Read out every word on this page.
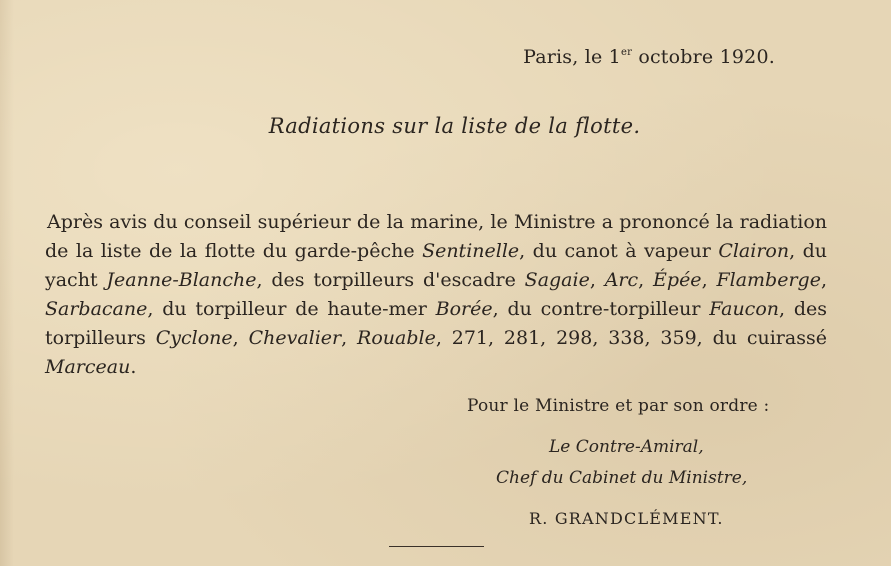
Paris, le 1er octobre 1920.
Radiations sur la liste de la flotte.

Après avis du conseil supérieur de la marine, le Ministre a prononcé la radiation de la liste de la flotte du garde-pêche Sentinelle, du canot à vapeur Clairon, du yacht Jeanne-Blanche, des torpilleurs d'escadre Sagaie, Arc, Épée, Flamberge, Sarbacane, du torpilleur de haute-mer Borée, du contre-torpilleur Faucon, des torpilleurs Cyclone, Chevalier, Rouable, 271, 281, 298, 338, 359, du cuirassé Marceau.

Pour le Ministre et par son ordre :
Le Contre-Amiral,
Chef du Cabinet du Ministre,
R. GRANDCLÉMENT.
